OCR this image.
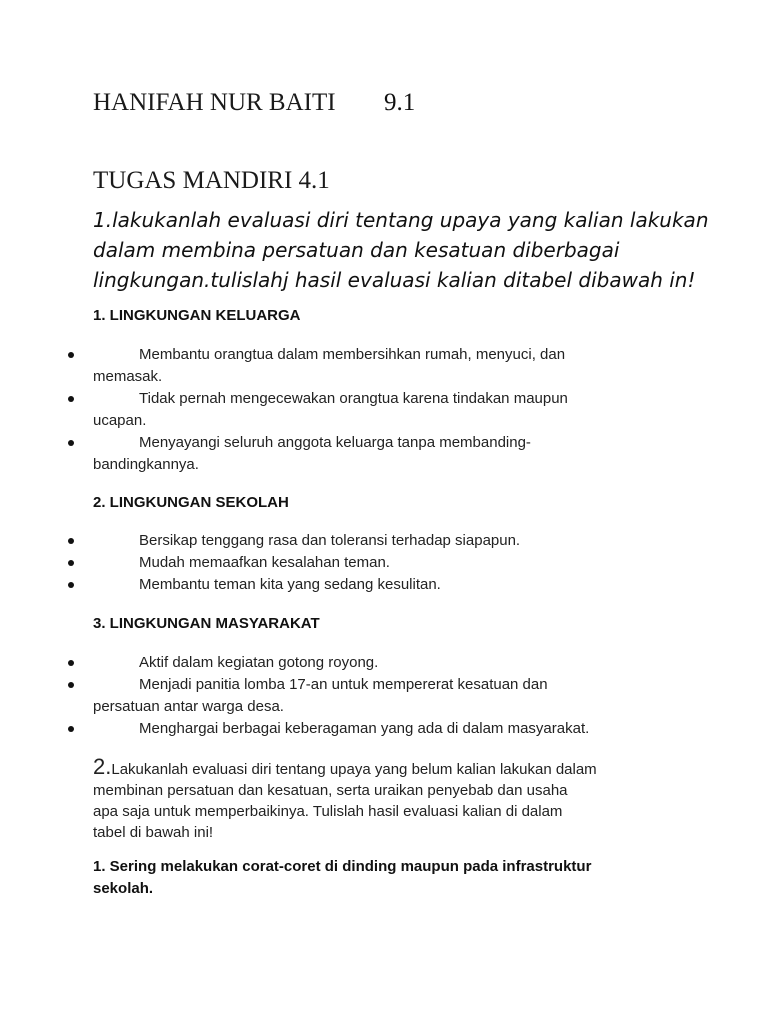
HANIFAH NUR BAITI 9.1
TUGAS MANDIRI 4.1
1.lakukanlah evaluasi diri tentang upaya yang kalian lakukan
dalam membina persatuan dan kesatuan diberbagai
lingkungan.tulislahj hasil evaluasi kalian ditabel dibawah in!
1. LINGKUNGAN KELUARGA
Membantu orangtua dalam membersihkan rumah, menyuci, dan
memasak.
Tidak pernah mengecewakan orangtua karena tindakan maupun
ucapan.
Menyayangi seluruh anggota keluarga tanpa membanding-
bandingkannya.
2. LINGKUNGAN SEKOLAH
Bersikap tenggang rasa dan toleransi terhadap siapapun.
Mudah memaafkan kesalahan teman.
Membantu teman kita yang sedang kesulitan.
3. LINGKUNGAN MASYARAKAT
Aktif dalam kegiatan gotong royong.
Menjadi panitia lomba 17-an untuk mempererat kesatuan dan
persatuan antar warga desa.
Menghargai berbagai keberagaman yang ada di dalam masyarakat.
2.Lakukanlah evaluasi diri tentang upaya yang belum kalian lakukan dalam
membinan persatuan dan kesatuan, serta uraikan penyebab dan usaha
apa saja untuk memperbaikinya. Tulislah hasil evaluasi kalian di dalam
tabel di bawah ini!
1. Sering melakukan corat-coret di dinding maupun pada infrastruktur
sekolah.
